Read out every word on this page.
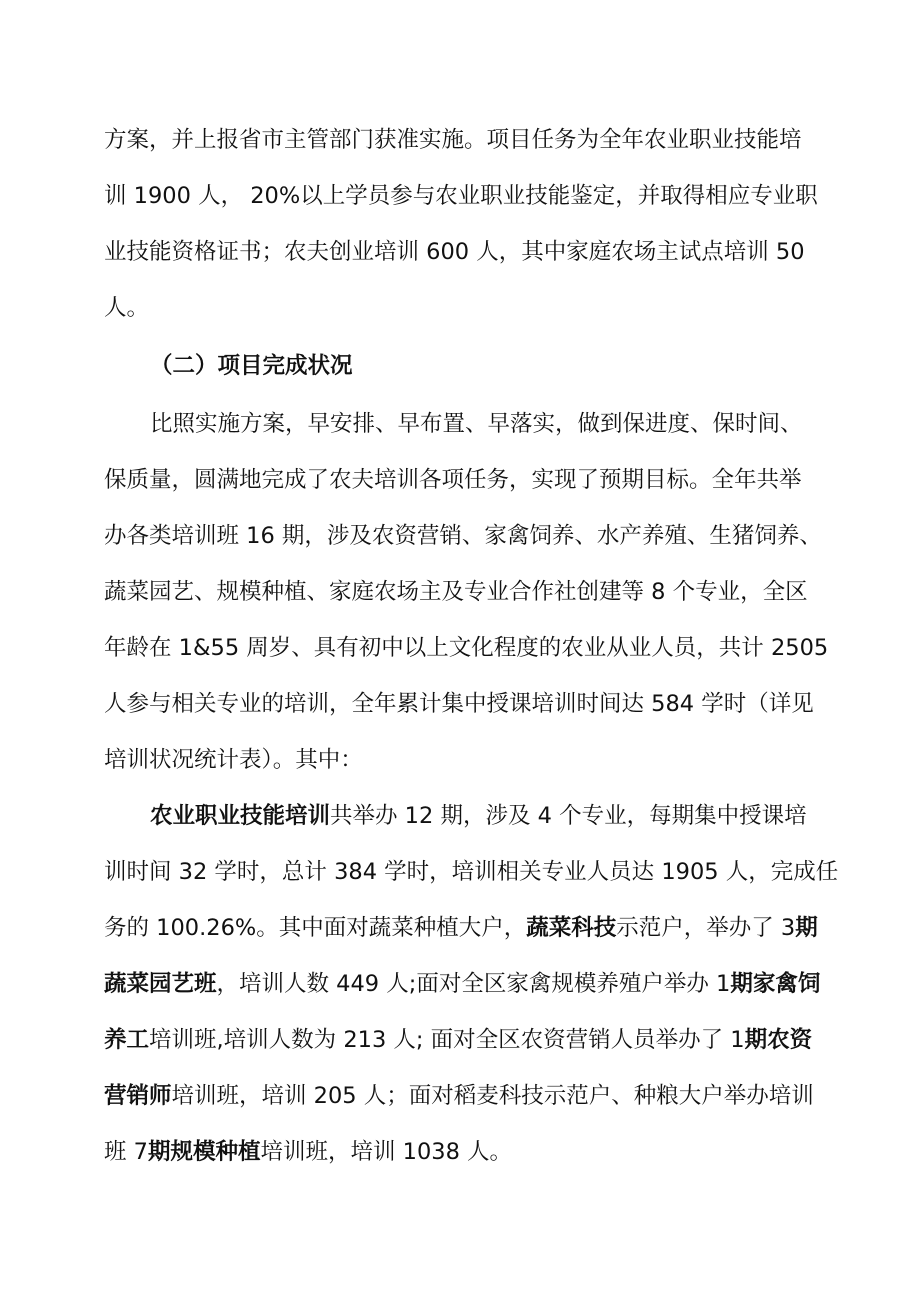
方案，并上报省市主管部门获准实施。项目任务为全年农业职业技能培
训 1900 人， 20%以上学员参与农业职业技能鉴定，并取得相应专业职
业技能资格证书；农夫创业培训 600 人，其中家庭农场主试点培训 50
人。
（二）项目完成状况
比照实施方案，早安排、早布置、早落实，做到保进度、保时间、
保质量，圆满地完成了农夫培训各项任务，实现了预期目标。全年共举
办各类培训班 16 期，涉及农资营销、家禽饲养、水产养殖、生猪饲养、
蔬菜园艺、规模种植、家庭农场主及专业合作社创建等 8 个专业，全区
年龄在 1&55 周岁、具有初中以上文化程度的农业从业人员，共计 2505
人参与相关专业的培训，全年累计集中授课培训时间达 584 学时（详见
培训状况统计表）。其中：
农业职业技能培训共举办 12 期，涉及 4 个专业，每期集中授课培
训时间 32 学时，总计 384 学时，培训相关专业人员达 1905 人，完成任
务的 100.26%。其中面对蔬菜种植大户，蔬菜科技示范户，举办了 3期
蔬菜园艺班，培训人数 449 人;面对全区家禽规模养殖户举办 1期家禽饲
养工培训班,培训人数为 213 人; 面对全区农资营销人员举办了 1期农资
营销师培训班，培训 205 人；面对稻麦科技示范户、种粮大户举办培训
班 7期规模种植培训班，培训 1038 人。
